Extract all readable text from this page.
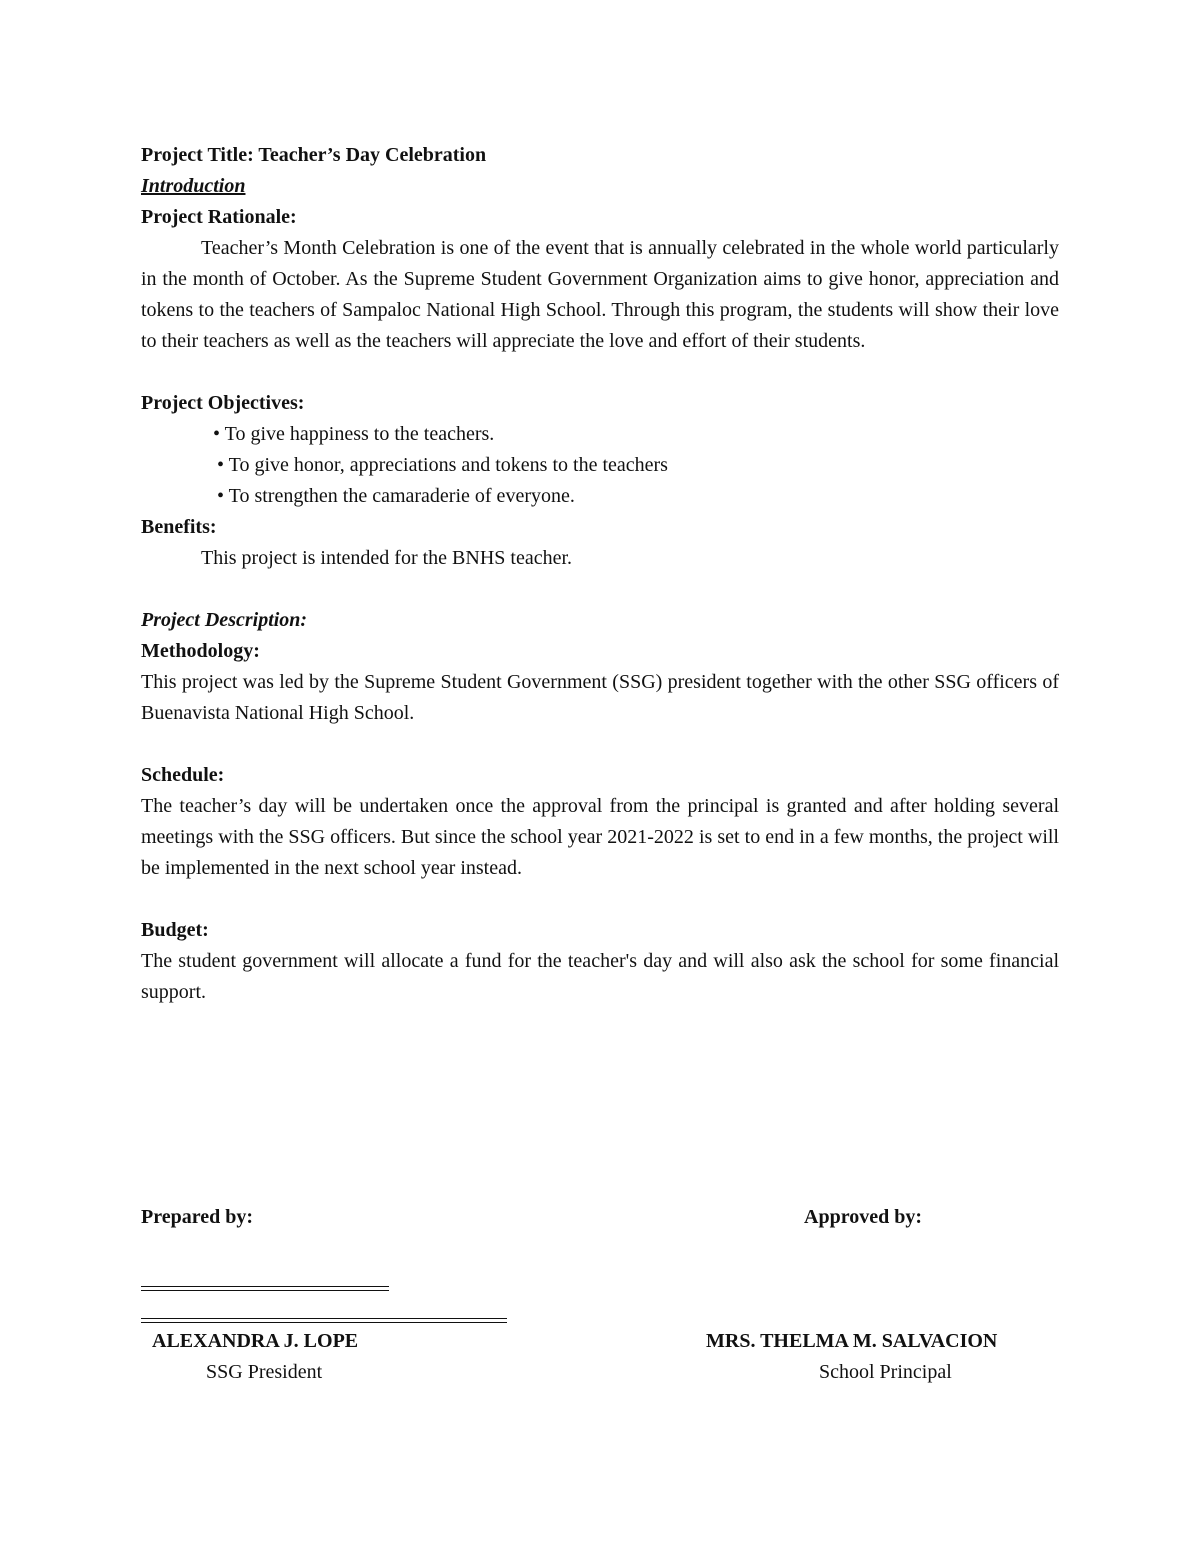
Project Title: Teacher’s Day Celebration

Introduction

Project Rationale:

Teacher’s Month Celebration is one of the event that is annually celebrated in the whole world particularly in the month of October. As the Supreme Student Government Organization aims to give honor, appreciation and tokens to the teachers of Sampaloc National High School. Through this program, the students will show their love to their teachers as well as the teachers will appreciate the love and effort of their students.

Project Objectives:

• To give happiness to the teachers.
• To give honor, appreciations and tokens to the teachers
• To strengthen the camaraderie of everyone.

Benefits:

This project is intended for the BNHS teacher.

Project Description:

Methodology:

This project was led by the Supreme Student Government (SSG) president together with the other SSG officers of Buenavista National High School.

Schedule:

The teacher’s day will be undertaken once the approval from the principal is granted and after holding several meetings with the SSG officers. But since the school year 2021-2022 is set to end in a few months, the project will be implemented in the next school year instead.

Budget:

The student government will allocate a fund for the teacher's day and will also ask the school for some financial support.

Prepared by:	Approved by:
ALEXANDRA J. LOPE
SSG President
MRS. THELMA M. SALVACION
School Principal
